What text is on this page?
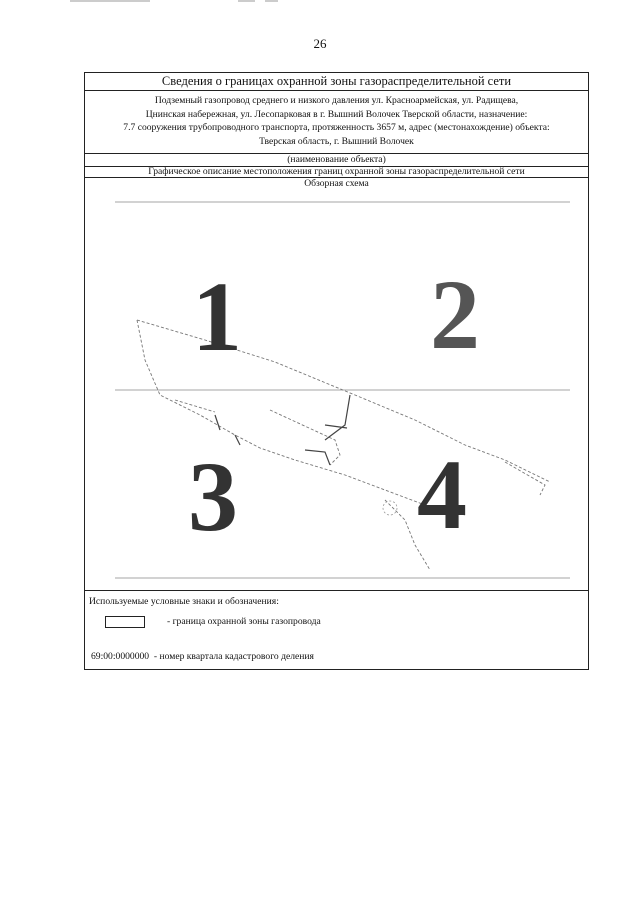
26
Сведения о границах охранной зоны газораспределительной сети
Подземный газопровод среднего и низкого давления ул. Красноармейская, ул. Радищева,
Цнинская набережная, ул. Лесопарковая в г. Вышний Волочек Тверской области, назначение:
7.7 сооружения трубопроводного транспорта, протяженность 3657 м, адрес (местонахождение) объекта:
Тверская область, г. Вышний Волочек
(наименование объекта)
Графическое описание местоположения границ охранной зоны газораспределительной сети
Обзорная схема
1 2
3 4
Используемые условные знаки и обозначения:
- граница охранной зоны газопровода
69:00:0000000 - номер квартала кадастрового деления
